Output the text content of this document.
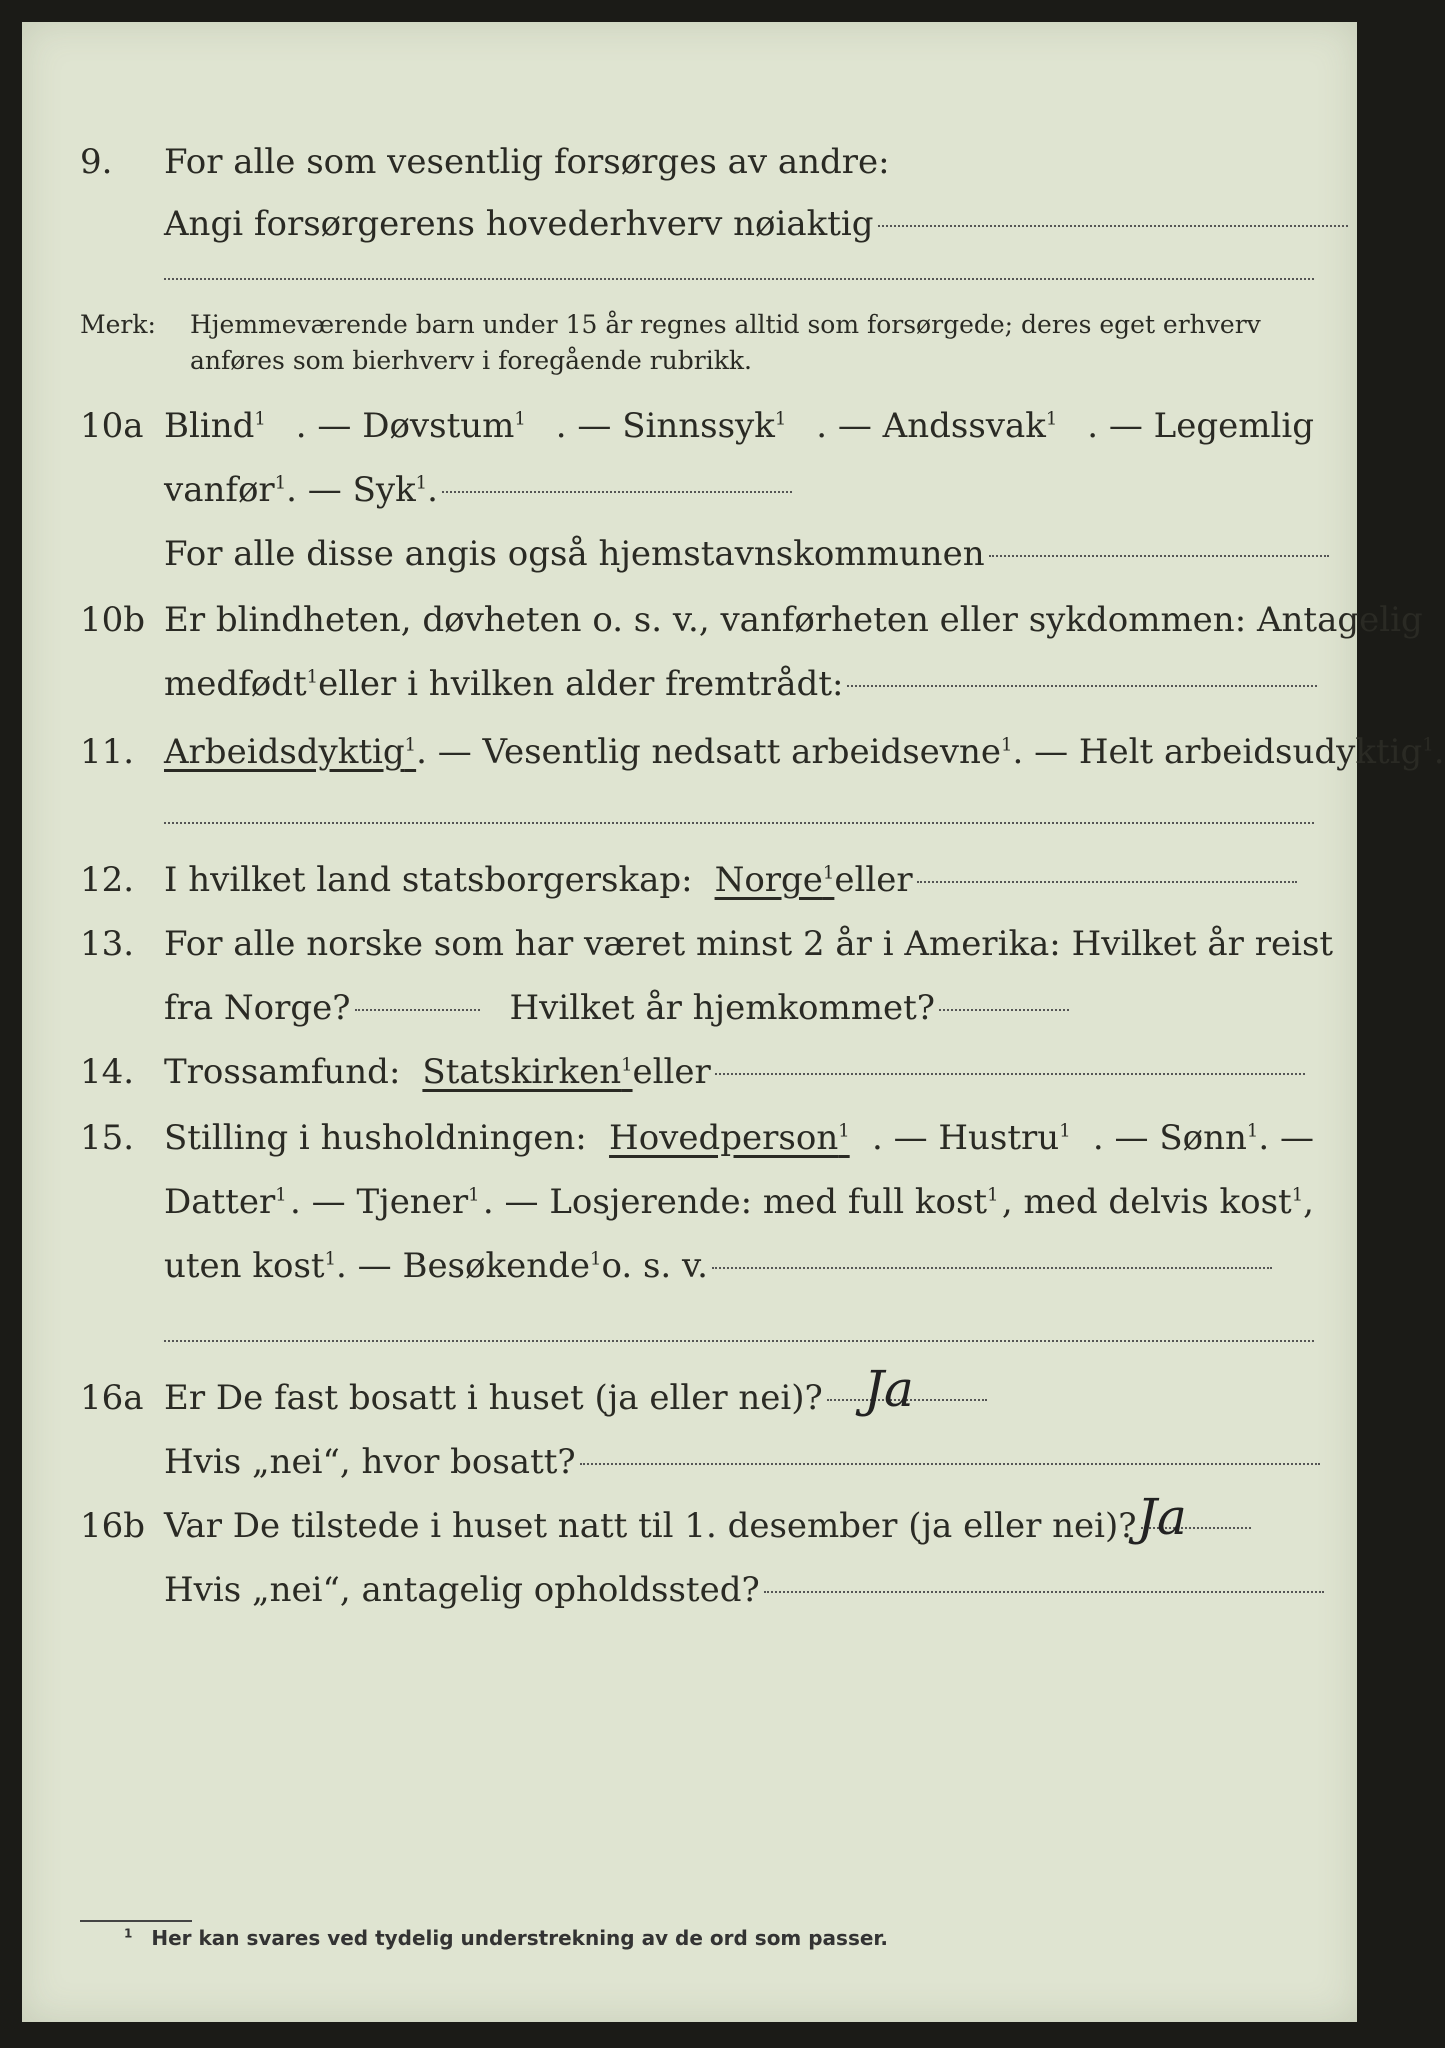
9. For alle som vesentlig forsørges av andre:
Angi forsørgerens hovederhverv nøiaktig
Merk: Hjemmeværende barn under 15 år regnes alltid som forsørgede; deres eget erhverv
anføres som bierhverv i foregående rubrikk.
10a Blind$^1$ . — Døvstum$^1$ . — Sinnssyk$^1$ . — Andssvak$^1$ . — Legemlig
vanfør$^1$ . — Syk$^1$.
For alle disse angis også hjemstavnskommunen
10b Er blindheten, døvheten o. s. v., vanførheten eller sykdommen: Antagelig
medfødt$^1$ eller i hvilken alder fremtrådt:
11. Arbeidsdyktig$^1$ . — Vesentlig nedsatt arbeidsevne$^1$ . — Helt arbeidsudyktig$^1$.
12. I hvilket land statsborgerskap: Norge$^1$ eller
13. For alle norske som har været minst 2 år i Amerika: Hvilket år reist
fra Norge?	Hvilket år hjemkommet?
14. Trossamfund: Statskirken$^1$ eller
15. Stilling i husholdningen: Hovedperson$^1$ . — Hustru$^1$ . — Sønn$^1$. —
Datter$^1$ . — Tjener$^1$ . — Losjerende: med full kost$^1$ , med delvis kost$^1$,
uten kost$^1$ . — Besøkende$^1$ o. s. v.
16a Er De fast bosatt i huset (ja eller nei)? Ja
Hvis „nei“, hvor bosatt?
16b Var De tilstede i huset natt til 1. desember (ja eller nei)? Ja
Hvis „nei“, antagelig opholdssted?
$^1$ Her kan svares ved tydelig understrekning av de ord som passer.
